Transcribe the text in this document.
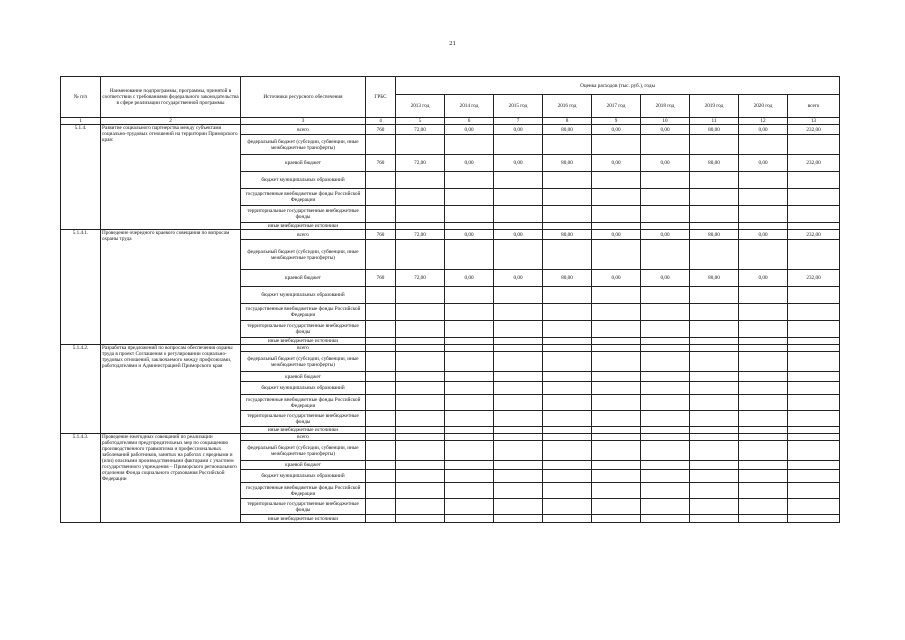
21
№ п/п	Наименование подпрограммы, программы, принятой в соответствии с требованиями федерального законодательства в сфере реализации государственной программы	Источники ресурсного обеспечения	ГРБС	Оценка расходов (тыс. руб.), годы								
				2013 год	2014 год	2015 год	2016 год	2017 год	2018 год	2019 год	2020 год	всего
1	2	3	4	5	6	7	8	9	10	11	12	13
5.1.4.	Развитие социального партнерства между субъектами социально-трудовых отношений на территории Приморского края:	всего	760	72,00	0,00	0,00	80,00	0,00	0,00	80,00	0,00	232,00
		федеральный бюджет (субсидии, субвенции, иные межбюджетные трансферты)										
		краевой бюджет	760	72,00	0,00	0,00	80,00	0,00	0,00	80,00	0,00	232,00
		бюджет муниципальных образований										
		государственные внебюджетные фонды Российской Федерации										
		территориальные государственные внебюджетные фонды										
		иные внебюджетные источники										
5.1.4.1.	Проведение очередного краевого совещания по вопросам охраны труда	всего	760	72,00	0,00	0,00	80,00	0,00	0,00	80,00	0,00	232,00
		федеральный бюджет (субсидии, субвенции, иные межбюджетные трансферты)										
		краевой бюджет	760	72,00	0,00	0,00	80,00	0,00	0,00	80,00	0,00	232,00
		бюджет муниципальных образований										
		государственные внебюджетные фонды Российской Федерации										
		территориальные государственные внебюджетные фонды										
		иные внебюджетные источники										
5.1.4.2.	Разработка предложений по вопросам обеспечения охраны труда в проект Соглашения о регулировании социально-трудовых отношений, заключаемого между профсоюзами, работодателями и Администрацией Приморского края	всего										
		федеральный бюджет (субсидии, субвенции, иные межбюджетные трансферты)										
		краевой бюджет										
		бюджет муниципальных образований										
		государственные внебюджетные фонды Российской Федерации										
		территориальные государственные внебюджетные фонды										
		иные внебюджетные источники										
5.1.4.3.	Проведение ежегодных совещаний по реализации работодателями предупредительных мер по сокращению производственного травматизма и профессиональных заболеваний работников, занятых на работах с вредными и (или) опасными производственными факторами с участием государственного учреждения – Приморского регионального отделения Фонда социального страхования Российской Федерации	всего										
		федеральный бюджет (субсидии, субвенции, иные межбюджетные трансферты)										
		краевой бюджет										
		бюджет муниципальных образований										
		государственные внебюджетные фонды Российской Федерации										
		территориальные государственные внебюджетные фонды										
		иные внебюджетные источники										
